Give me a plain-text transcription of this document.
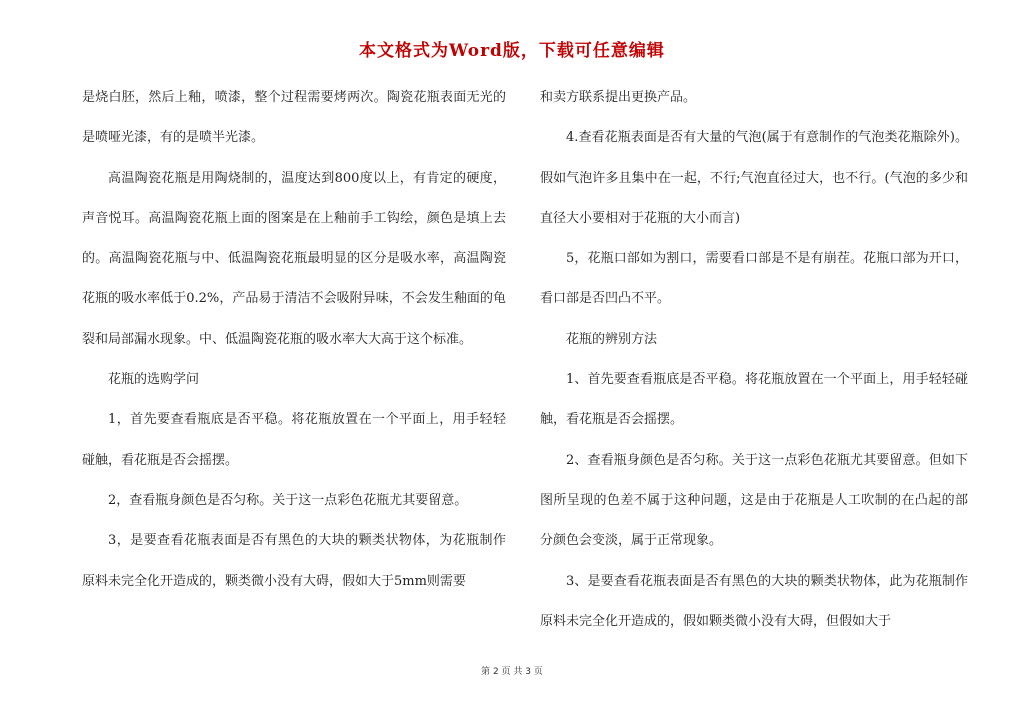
本文格式为Word版，下载可任意编辑

是烧白胚，然后上釉，喷漆，整个过程需要烤两次。陶瓷花瓶表面无光的是喷哑光漆，有的是喷半光漆。

高温陶瓷花瓶是用陶烧制的，温度达到800度以上，有肯定的硬度，声音悦耳。高温陶瓷花瓶上面的图案是在上釉前手工钩绘，颜色是填上去的。高温陶瓷花瓶与中、低温陶瓷花瓶最明显的区分是吸水率，高温陶瓷花瓶的吸水率低于0.2%，产品易于清洁不会吸附异味，不会发生釉面的龟裂和局部漏水现象。中、低温陶瓷花瓶的吸水率大大高于这个标准。

花瓶的选购学问

1，首先要查看瓶底是否平稳。将花瓶放置在一个平面上，用手轻轻碰触，看花瓶是否会摇摆。

2，查看瓶身颜色是否匀称。关于这一点彩色花瓶尤其要留意。

3，是要查看花瓶表面是否有黑色的大块的颗类状物体，为花瓶制作原料未完全化开造成的，颗类微小没有大碍，假如大于5mm则需要

和卖方联系提出更换产品。

4.查看花瓶表面是否有大量的气泡(属于有意制作的气泡类花瓶除外)。假如气泡许多且集中在一起，不行;气泡直径过大，也不行。(气泡的多少和直径大小要相对于花瓶的大小而言)

5，花瓶口部如为割口，需要看口部是不是有崩茬。花瓶口部为开口，看口部是否凹凸不平。

花瓶的辨别方法

1、首先要查看瓶底是否平稳。将花瓶放置在一个平面上，用手轻轻碰触，看花瓶是否会摇摆。

2、查看瓶身颜色是否匀称。关于这一点彩色花瓶尤其要留意。但如下图所呈现的色差不属于这种问题，这是由于花瓶是人工吹制的在凸起的部分颜色会变淡，属于正常现象。

3、是要查看花瓶表面是否有黑色的大块的颗类状物体，此为花瓶制作原料未完全化开造成的，假如颗类微小没有大碍，但假如大于

第 2 页 共 3 页
